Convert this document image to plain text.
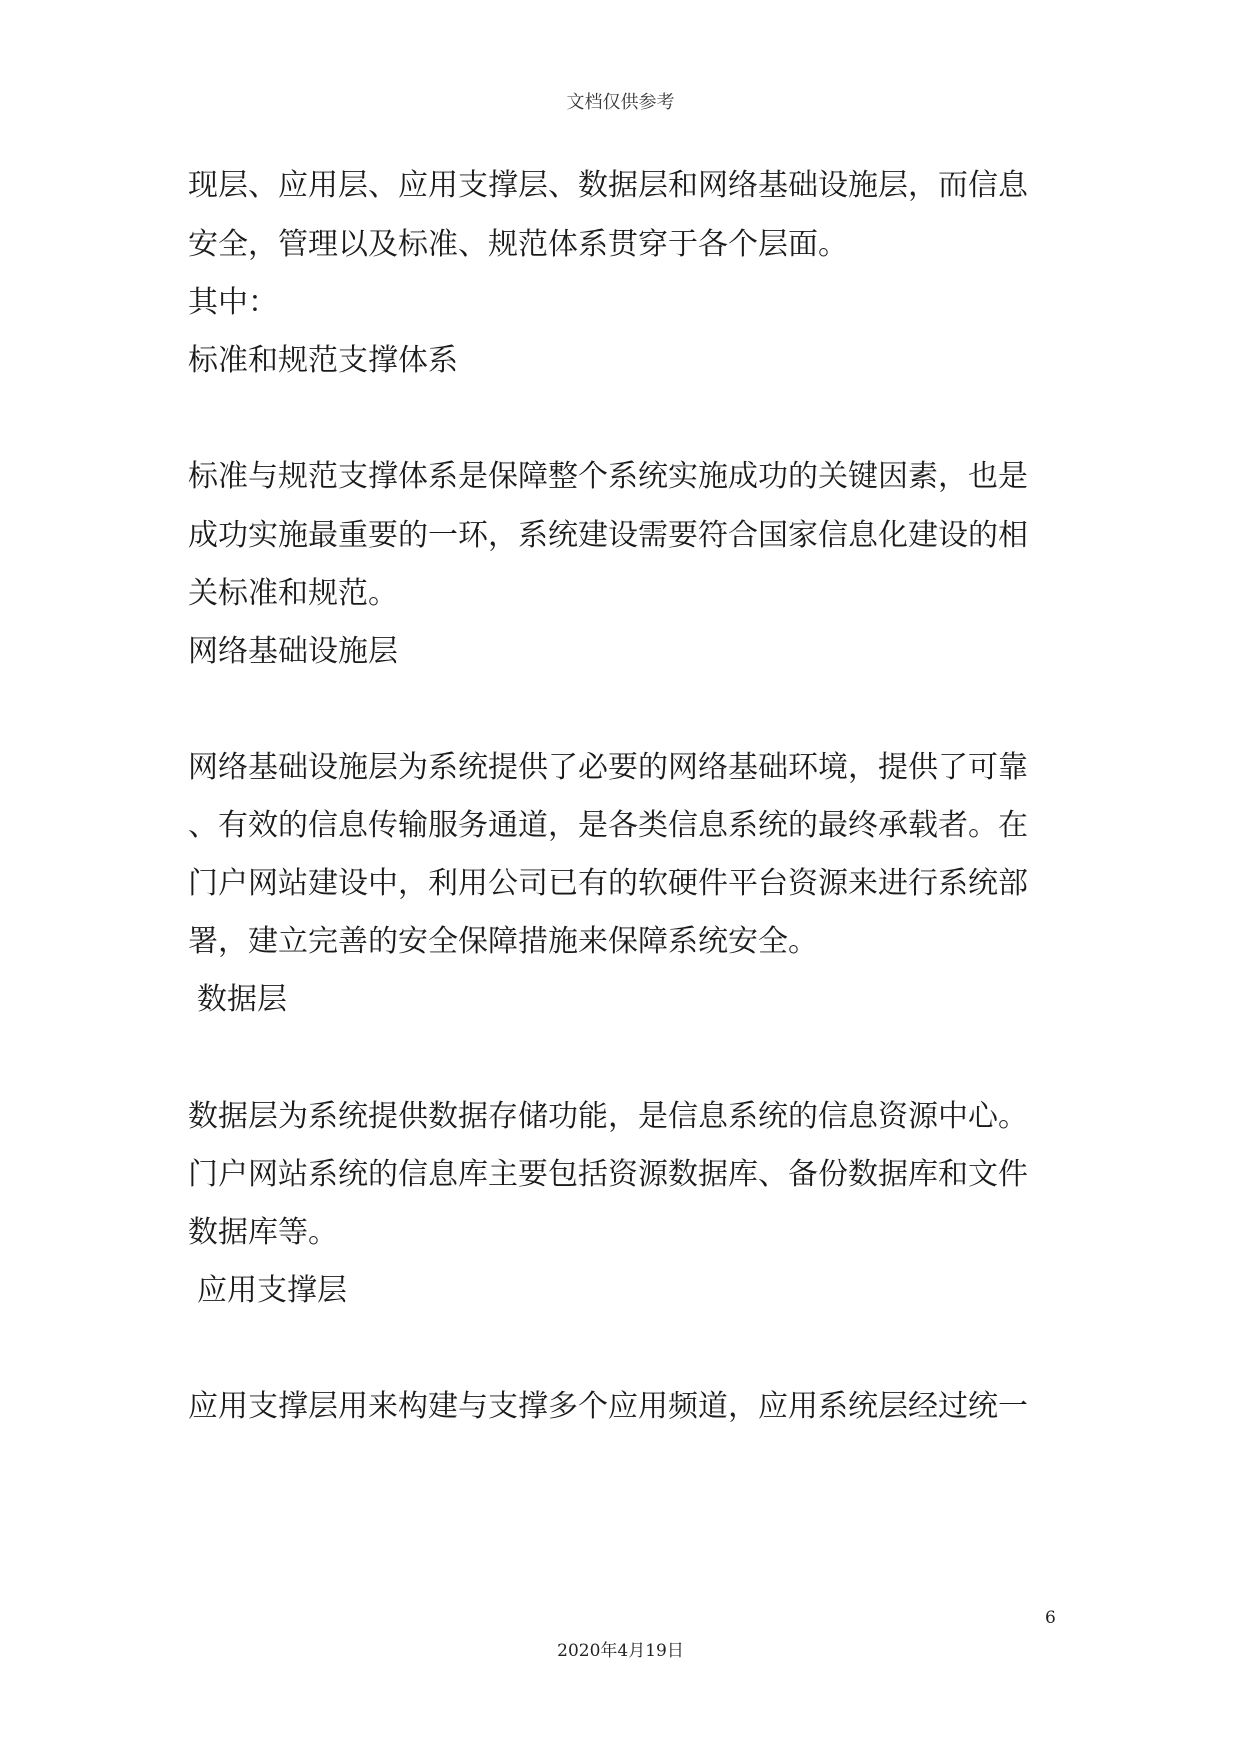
文档仅供参考
现层、应用层、应用支撑层、数据层和网络基础设施层，而信息
安全，管理以及标准、规范体系贯穿于各个层面。
其中：
标准和规范支撑体系
标准与规范支撑体系是保障整个系统实施成功的关键因素，也是
成功实施最重要的一环，系统建设需要符合国家信息化建设的相
关标准和规范。
网络基础设施层
网络基础设施层为系统提供了必要的网络基础环境，提供了可靠
、有效的信息传输服务通道，是各类信息系统的最终承载者。在
门户网站建设中，利用公司已有的软硬件平台资源来进行系统部
署，建立完善的安全保障措施来保障系统安全。
数据层
数据层为系统提供数据存储功能，是信息系统的信息资源中心。
门户网站系统的信息库主要包括资源数据库、备份数据库和文件
数据库等。
应用支撑层
应用支撑层用来构建与支撑多个应用频道，应用系统层经过统一
6
2020年4月19日
